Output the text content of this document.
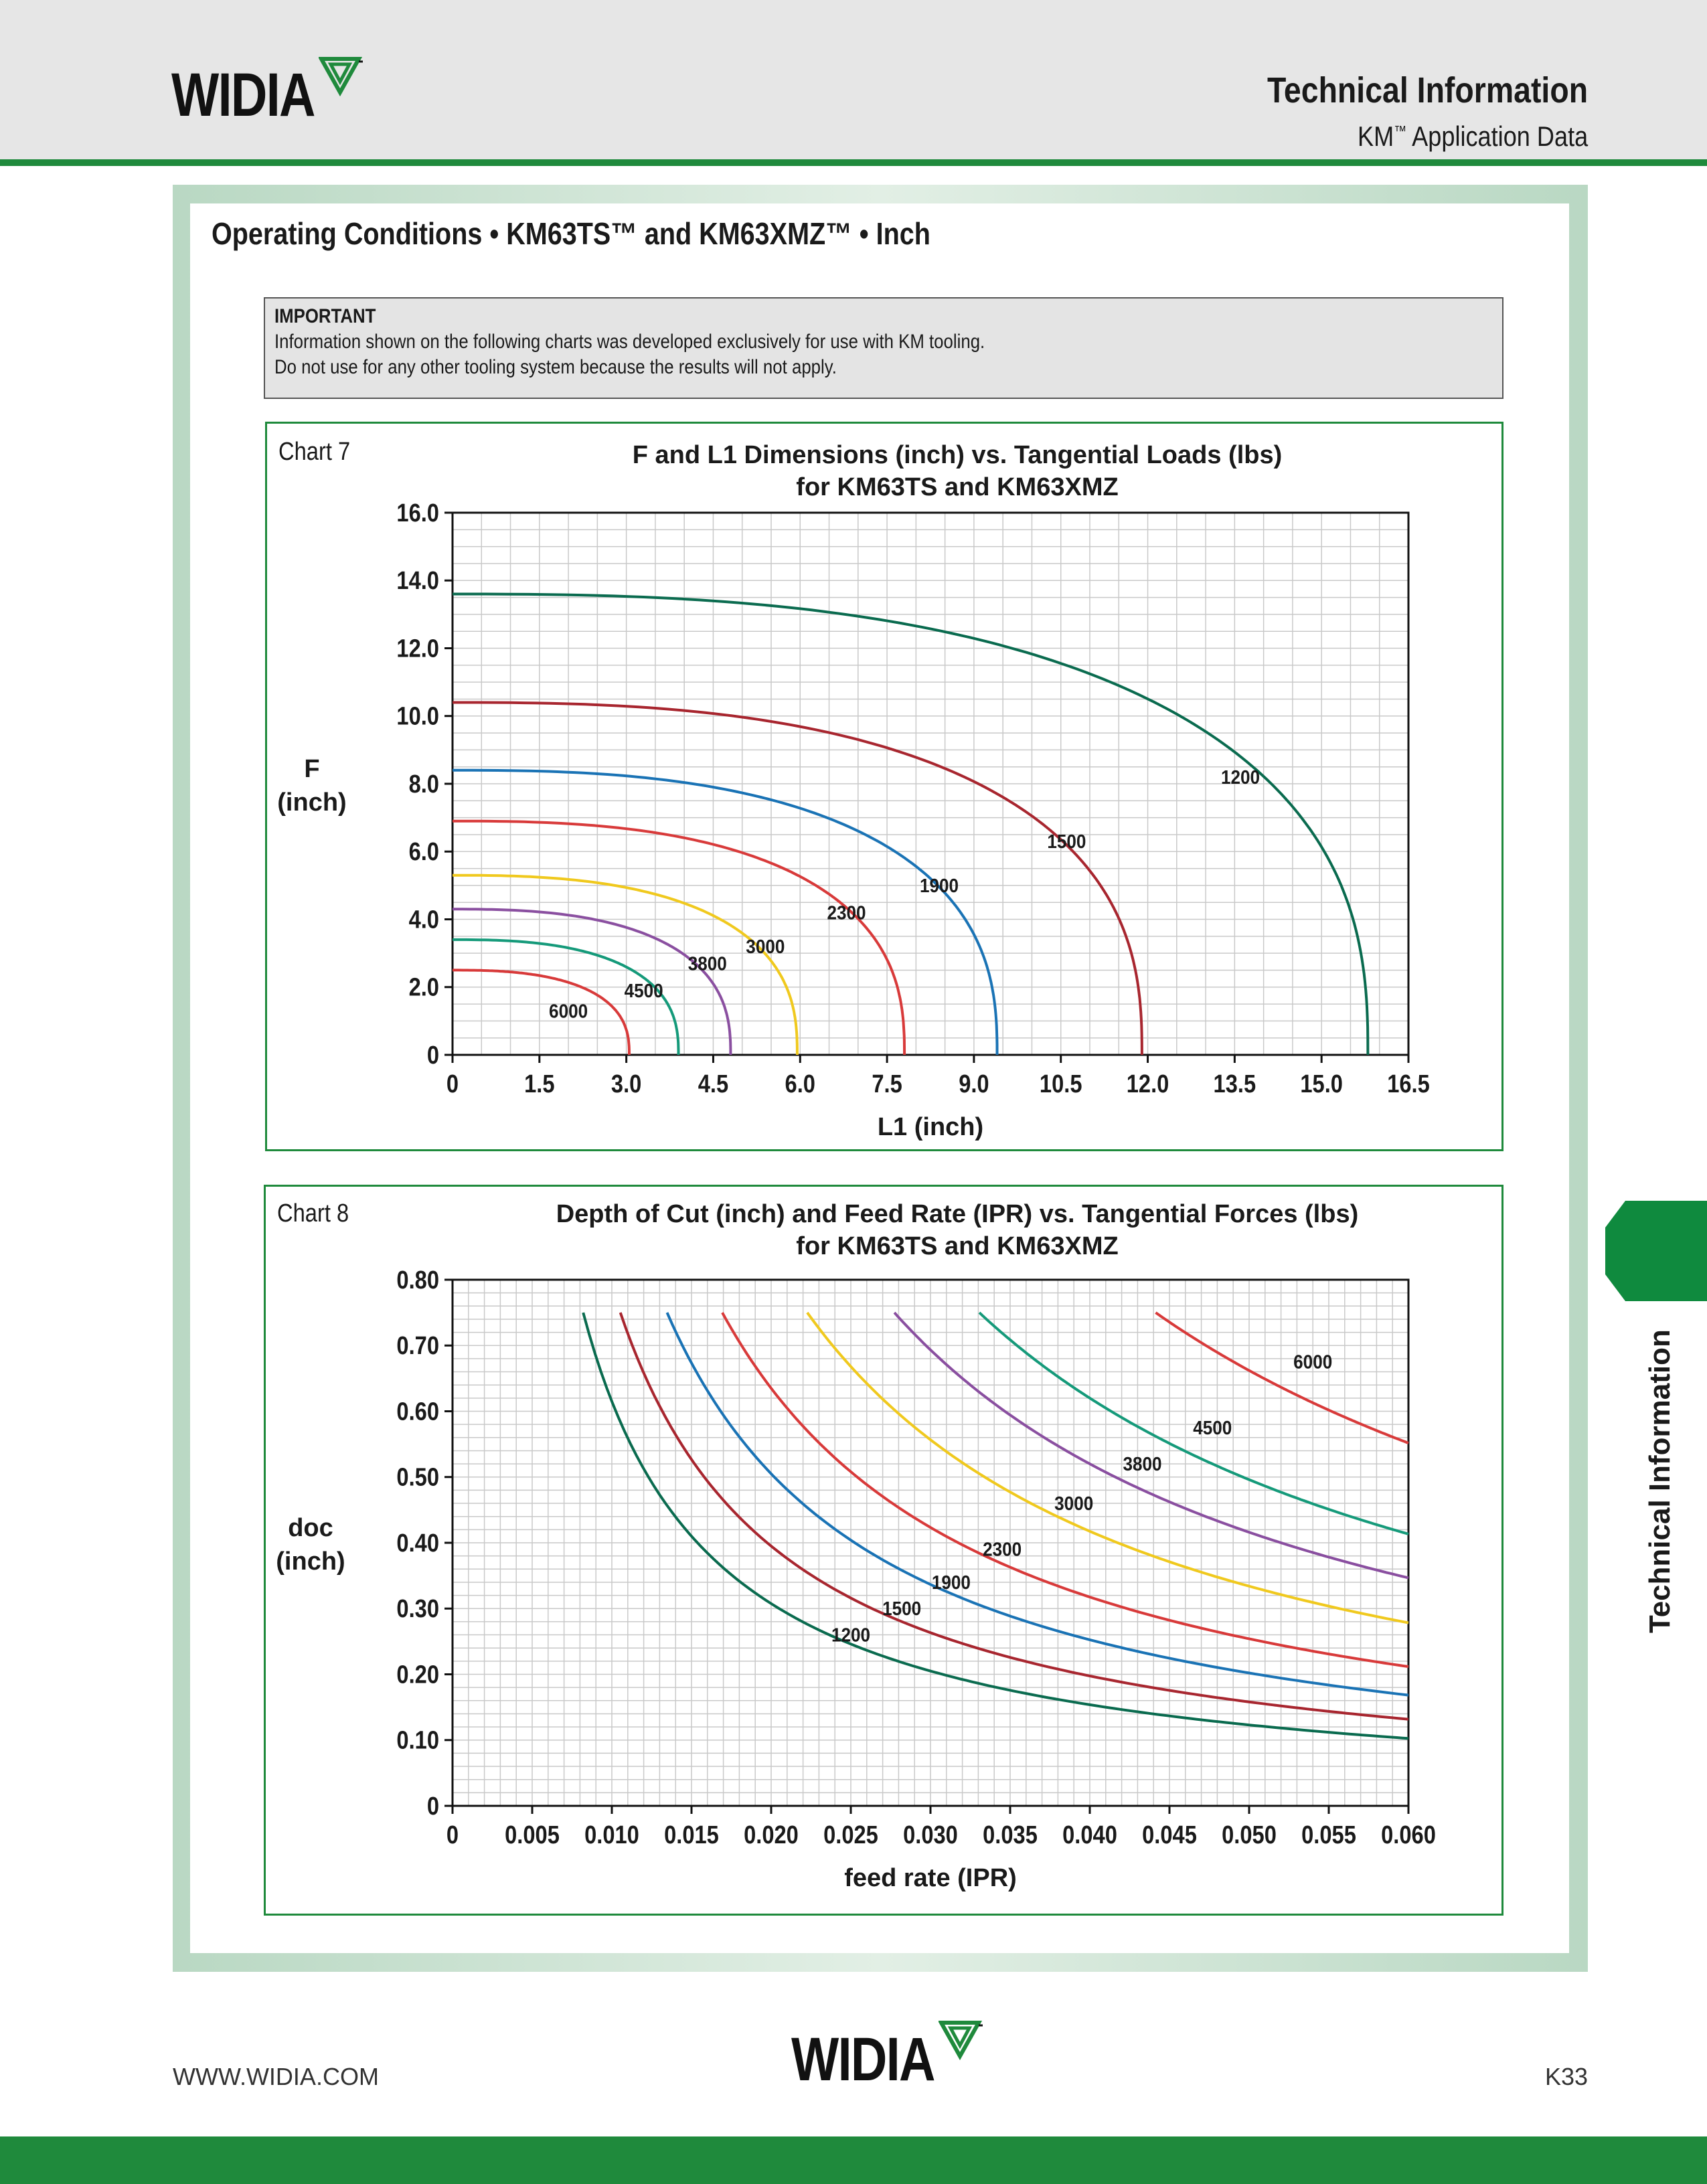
WIDIA	Technical Information
KM™ Application Data
Operating Conditions • KM63TS™ and KM63XMZ™ • Inch
IMPORTANT
Information shown on the following charts was developed exclusively for use with KM tooling.
Do not use for any other tooling system because the results will not apply.
Chart 7	F and L1 Dimensions (inch) vs. Tangential Loads (lbs)
for KM63TS and KM63XMZ
0	1.5 3.0 4.5 6.0 7.5 9.0 10.5 12.0 13.5 15.0 16.5
0
2.0
4.0
6.0
8.0
10.0
12.0
14.0
16.0
L1 (inch)
F
(inch)
1200
1500
1900
2300
3000
3800
4500
6000
Chart 8	Depth of Cut (inch) and Feed Rate (IPR) vs. Tangential Forces (lbs)
for KM63TS and KM63XMZ
0 0.005 0.010 0.015 0.020 0.025 0.030 0.035 0.040 0.045 0.050 0.055 0.060
0
0.10
0.20
0.30
0.40
0.50
0.60
0.70
0.80
feed rate (IPR)
doc
(inch)
1200
1500
1900
2300
3000
3800
4500
6000	Technical Information
WWW.WIDIA.COM	WIDIA	K33
